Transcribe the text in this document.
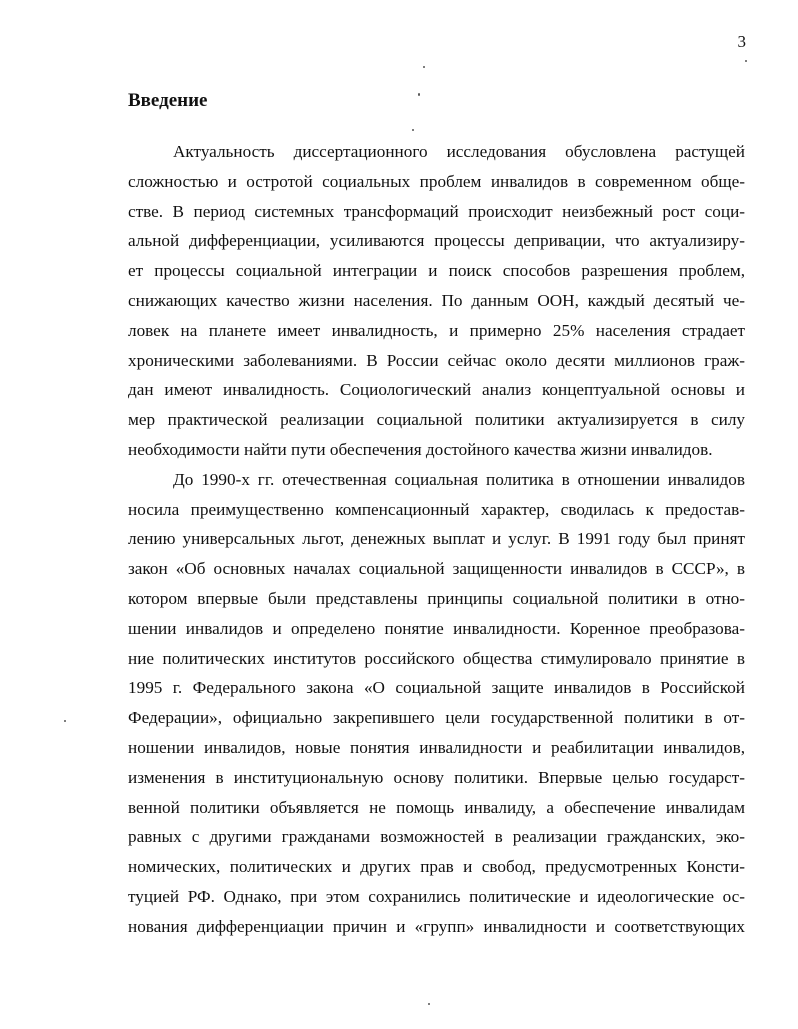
3
Введение
Актуальность диссертационного исследования обусловлена растущей
сложностью и остротой социальных проблем инвалидов в современном обще-
стве. В период системных трансформаций происходит неизбежный рост соци-
альной дифференциации, усиливаются процессы депривации, что актуализиру-
ет процессы социальной интеграции и поиск способов разрешения проблем,
снижающих качество жизни населения. По данным ООН, каждый десятый че-
ловек на планете имеет инвалидность, и примерно 25% населения страдает
хроническими заболеваниями. В России сейчас около десяти миллионов граж-
дан имеют инвалидность. Социологический анализ концептуальной основы и
мер практической реализации социальной политики актуализируется в силу
необходимости найти пути обеспечения достойного качества жизни инвалидов.
До 1990-х гг. отечественная социальная политика в отношении инвалидов
носила преимущественно компенсационный характер, сводилась к предостав-
лению универсальных льгот, денежных выплат и услуг. В 1991 году был принят
закон «Об основных началах социальной защищенности инвалидов в СССР», в
котором впервые были представлены принципы социальной политики в отно-
шении инвалидов и определено понятие инвалидности. Коренное преобразова-
ние политических институтов российского общества стимулировало принятие в
1995 г. Федерального закона «О социальной защите инвалидов в Российской
Федерации», официально закрепившего цели государственной политики в от-
ношении инвалидов, новые понятия инвалидности и реабилитации инвалидов,
изменения в институциональную основу политики. Впервые целью государст-
венной политики объявляется не помощь инвалиду, а обеспечение инвалидам
равных с другими гражданами возможностей в реализации гражданских, эко-
номических, политических и других прав и свобод, предусмотренных Консти-
туцией РФ. Однако, при этом сохранились политические и идеологические ос-
нования дифференциации причин и «групп» инвалидности и соответствующих
